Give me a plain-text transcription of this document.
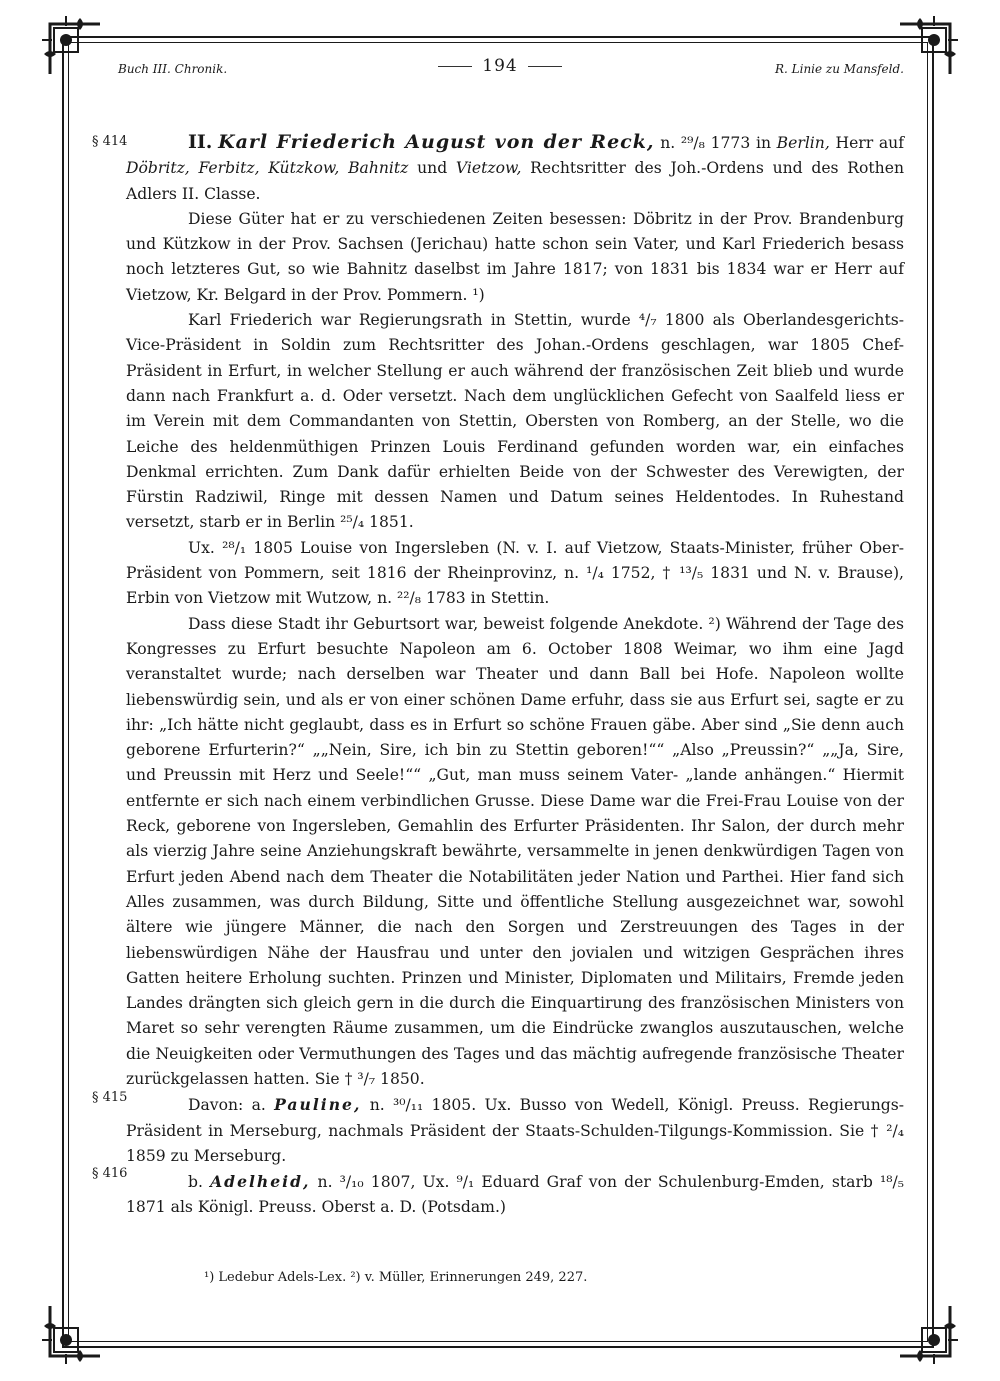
Buch III. Chronik.	194	R. Linie zu Mansfeld.
§ 414
§ 415
§ 416

II. Karl Friederich August von der Reck, n. ²⁹/₈ 1773 in Berlin, Herr auf Döbritz, Ferbitz, Kützkow, Bahnitz und Vietzow, Rechtsritter des Joh.-Ordens und des Rothen Adlers II. Classe.

Diese Güter hat er zu verschiedenen Zeiten besessen: Döbritz in der Prov. Brandenburg und Kützkow in der Prov. Sachsen (Jerichau) hatte schon sein Vater, und Karl Friederich besass noch letzteres Gut, so wie Bahnitz daselbst im Jahre 1817; von 1831 bis 1834 war er Herr auf Vietzow, Kr. Belgard in der Prov. Pommern. ¹)

Karl Friederich war Regierungsrath in Stettin, wurde ⁴/₇ 1800 als Oberlandesgerichts-Vice-Präsident in Soldin zum Rechtsritter des Johan.-Ordens geschlagen, war 1805 Chef-Präsident in Erfurt, in welcher Stellung er auch während der französischen Zeit blieb und wurde dann nach Frankfurt a. d. Oder versetzt. Nach dem unglücklichen Gefecht von Saalfeld liess er im Verein mit dem Commandanten von Stettin, Obersten von Romberg, an der Stelle, wo die Leiche des heldenmüthigen Prinzen Louis Ferdinand gefunden worden war, ein einfaches Denkmal errichten. Zum Dank dafür erhielten Beide von der Schwester des Verewigten, der Fürstin Radziwil, Ringe mit dessen Namen und Datum seines Heldentodes. In Ruhestand versetzt, starb er in Berlin ²⁵/₄ 1851.

Ux. ²⁸/₁ 1805 Louise von Ingersleben (N. v. I. auf Vietzow, Staats-Minister, früher Ober-Präsident von Pommern, seit 1816 der Rheinprovinz, n. ¹/₄ 1752, † ¹³/₅ 1831 und N. v. Brause), Erbin von Vietzow mit Wutzow, n. ²²/₈ 1783 in Stettin.

Dass diese Stadt ihr Geburtsort war, beweist folgende Anekdote. ²) Während der Tage des Kongresses zu Erfurt besuchte Napoleon am 6. October 1808 Weimar, wo ihm eine Jagd veranstaltet wurde; nach derselben war Theater und dann Ball bei Hofe. Napoleon wollte liebenswürdig sein, und als er von einer schönen Dame erfuhr, dass sie aus Erfurt sei, sagte er zu ihr: „Ich hätte nicht geglaubt, dass es in Erfurt so schöne Frauen gäbe. Aber sind „Sie denn auch geborene Erfurterin?“ „„Nein, Sire, ich bin zu Stettin geboren!““ „Also „Preussin?“ „„Ja, Sire, und Preussin mit Herz und Seele!““ „Gut, man muss seinem Vater- „lande anhängen.“ Hiermit entfernte er sich nach einem verbindlichen Grusse. Diese Dame war die Frei-Frau Louise von der Reck, geborene von Ingersleben, Gemahlin des Erfurter Präsidenten. Ihr Salon, der durch mehr als vierzig Jahre seine Anziehungskraft bewährte, versammelte in jenen denkwürdigen Tagen von Erfurt jeden Abend nach dem Theater die Notabilitäten jeder Nation und Parthei. Hier fand sich Alles zusammen, was durch Bildung, Sitte und öffentliche Stellung ausgezeichnet war, sowohl ältere wie jüngere Männer, die nach den Sorgen und Zerstreuungen des Tages in der liebenswürdigen Nähe der Hausfrau und unter den jovialen und witzigen Gesprächen ihres Gatten heitere Erholung suchten. Prinzen und Minister, Diplomaten und Militairs, Fremde jeden Landes drängten sich gleich gern in die durch die Einquartirung des französischen Ministers von Maret so sehr verengten Räume zusammen, um die Eindrücke zwanglos auszutauschen, welche die Neuigkeiten oder Vermuthungen des Tages und das mächtig aufregende französische Theater zurückgelassen hatten. Sie † ³/₇ 1850.

Davon: a. Pauline, n. ³⁰/₁₁ 1805. Ux. Busso von Wedell, Königl. Preuss. Regierungs-Präsident in Merseburg, nachmals Präsident der Staats-Schulden-Tilgungs-Kommission. Sie † ²/₄ 1859 zu Merseburg.

b. Adelheid, n. ³/₁₀ 1807, Ux. ⁹/₁ Eduard Graf von der Schulenburg-Emden, starb ¹⁸/₅ 1871 als Königl. Preuss. Oberst a. D. (Potsdam.)

¹) Ledebur Adels-Lex. ²) v. Müller, Erinnerungen 249, 227.
